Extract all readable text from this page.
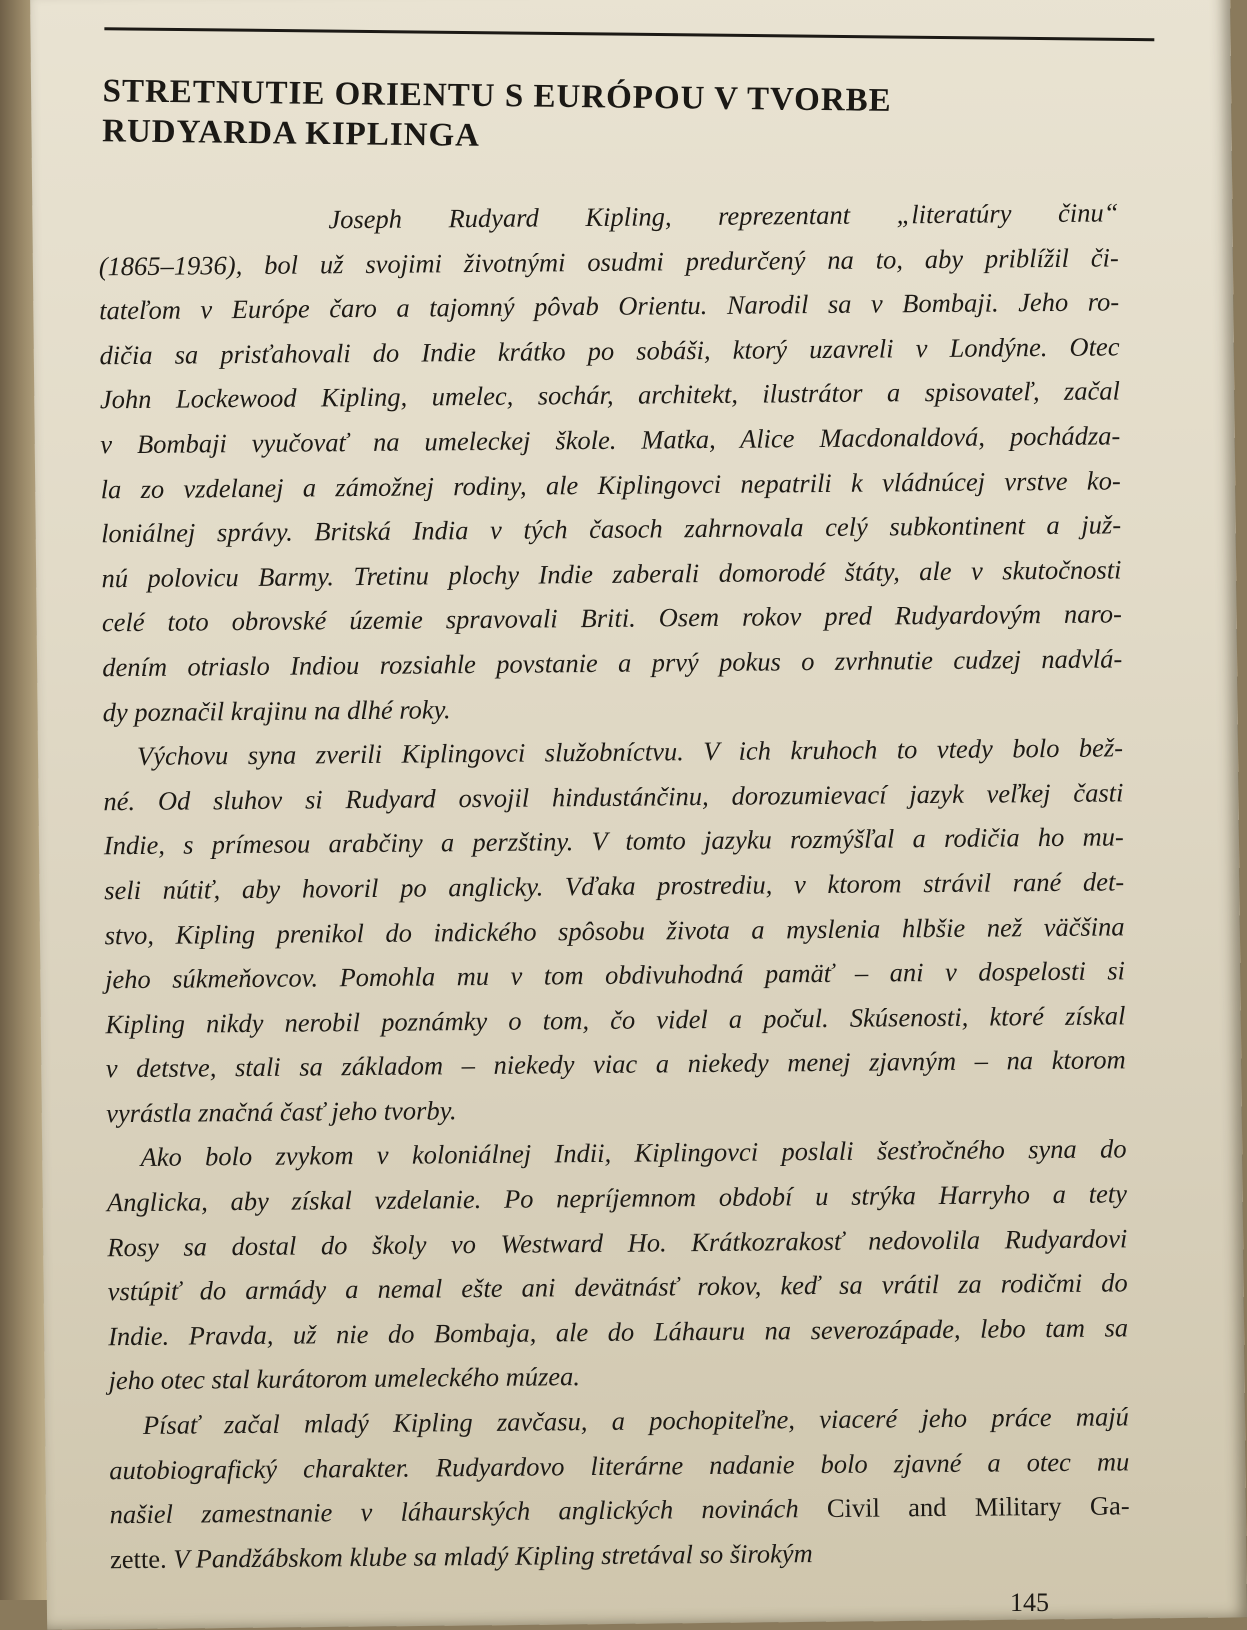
STRETNUTIE ORIENTU S EURÓPOU V TVORBE
RUDYARDA KIPLINGA
Joseph Rudyard Kipling, reprezentant „literatúry činu“
(1865–1936), bol už svojimi životnými osudmi predurčený na to, aby priblížil či-
tateľom v Európe čaro a tajomný pôvab Orientu. Narodil sa v Bombaji. Jeho ro-
dičia sa prisťahovali do Indie krátko po sobáši, ktorý uzavreli v Londýne. Otec
John Lockewood Kipling, umelec, sochár, architekt, ilustrátor a spisovateľ, začal
v Bombaji vyučovať na umeleckej škole. Matka, Alice Macdonaldová, pochádza-
la zo vzdelanej a zámožnej rodiny, ale Kiplingovci nepatrili k vládnúcej vrstve ko-
loniálnej správy. Britská India v tých časoch zahrnovala celý subkontinent a juž-
nú polovicu Barmy. Tretinu plochy Indie zaberali domorodé štáty, ale v skutočnosti
celé toto obrovské územie spravovali Briti. Osem rokov pred Rudyardovým naro-
dením otriaslo Indiou rozsiahle povstanie a prvý pokus o zvrhnutie cudzej nadvlá-
dy poznačil krajinu na dlhé roky.
Výchovu syna zverili Kiplingovci služobníctvu. V ich kruhoch to vtedy bolo bež-
né. Od sluhov si Rudyard osvojil hindustánčinu, dorozumievací jazyk veľkej časti
Indie, s prímesou arabčiny a perzštiny. V tomto jazyku rozmýšľal a rodičia ho mu-
seli nútiť, aby hovoril po anglicky. Vďaka prostrediu, v ktorom strávil rané det-
stvo, Kipling prenikol do indického spôsobu života a myslenia hlbšie než väčšina
jeho súkmeňovcov. Pomohla mu v tom obdivuhodná pamäť – ani v dospelosti si
Kipling nikdy nerobil poznámky o tom, čo videl a počul. Skúsenosti, ktoré získal
v detstve, stali sa základom – niekedy viac a niekedy menej zjavným – na ktorom
vyrástla značná časť jeho tvorby.
Ako bolo zvykom v koloniálnej Indii, Kiplingovci poslali šesťročného syna do
Anglicka, aby získal vzdelanie. Po nepríjemnom období u strýka Harryho a tety
Rosy sa dostal do školy vo Westward Ho. Krátkozrakosť nedovolila Rudyardovi
vstúpiť do armády a nemal ešte ani devätnásť rokov, keď sa vrátil za rodičmi do
Indie. Pravda, už nie do Bombaja, ale do Láhauru na severozápade, lebo tam sa
jeho otec stal kurátorom umeleckého múzea.
Písať začal mladý Kipling zavčasu, a pochopiteľne, viaceré jeho práce majú
autobiografický charakter. Rudyardovo literárne nadanie bolo zjavné a otec mu
našiel zamestnanie v láhaurských anglických novinách Civil and Military Ga-
zette. V Pandžábskom klube sa mladý Kipling stretával so širokým
145
